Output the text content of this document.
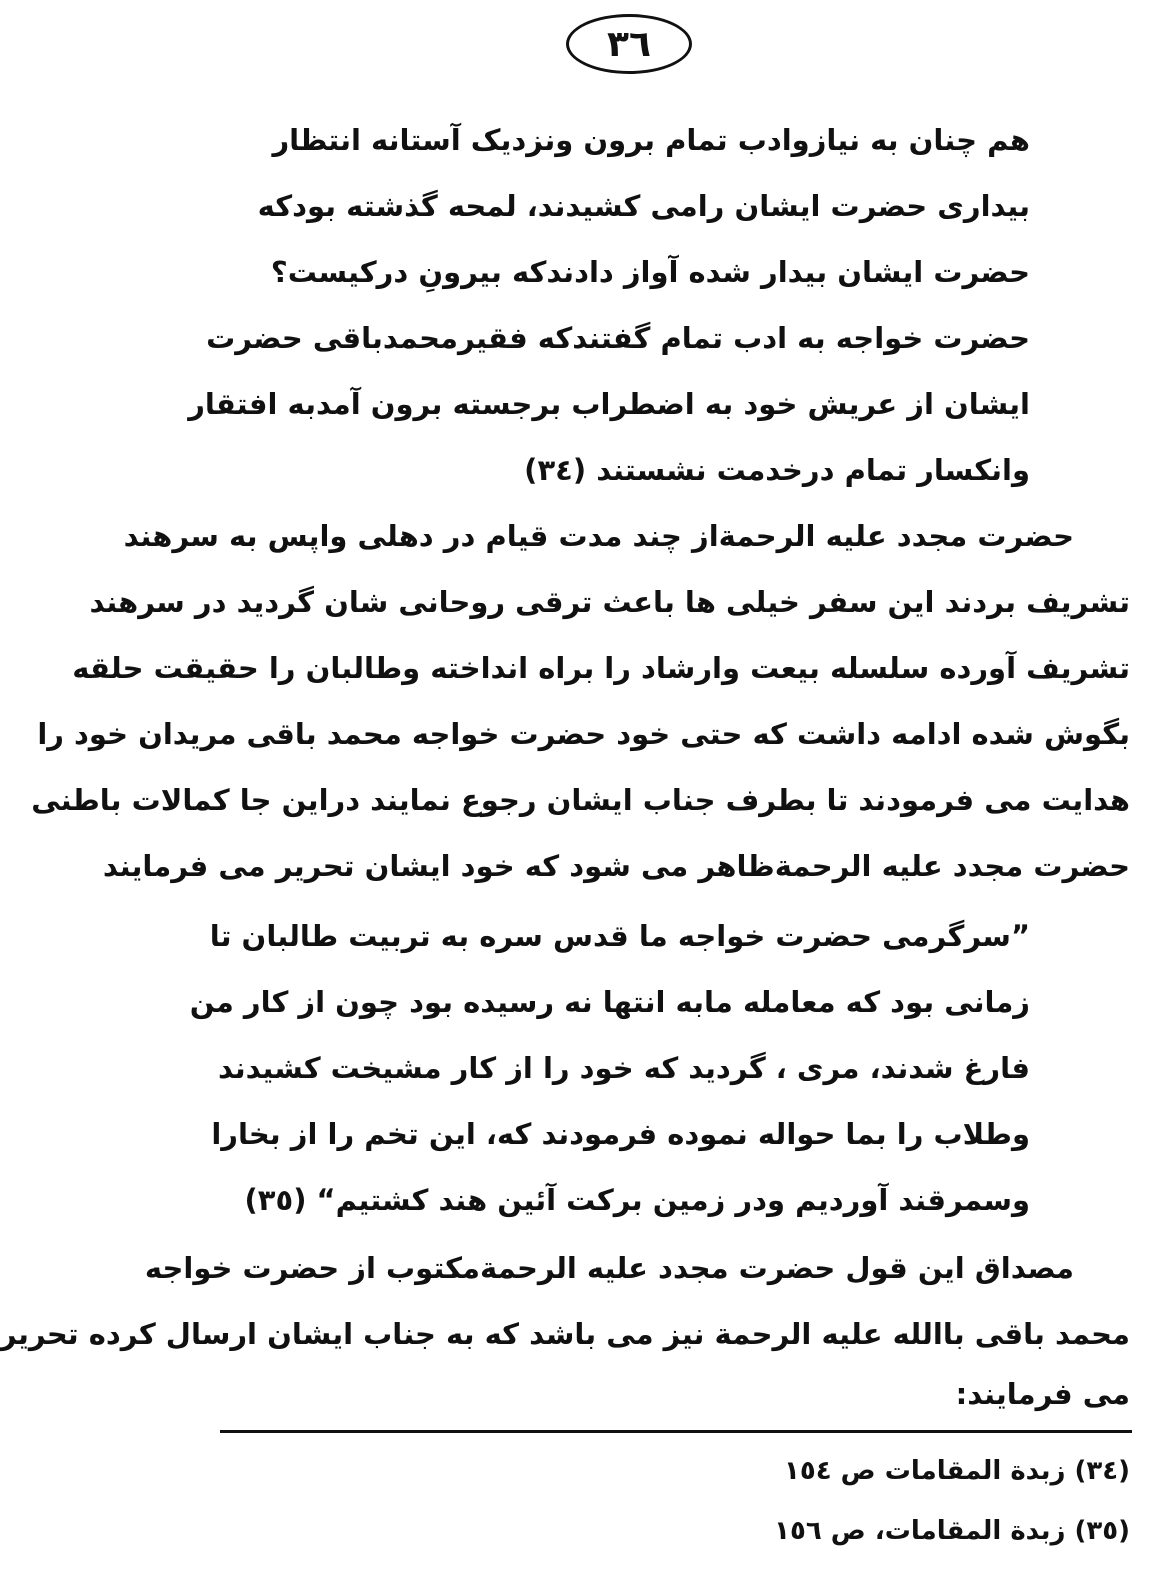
۳٦
هم چنان به نیازوادب تمام برون ونزدیک آستانه انتظار
بیداری حضرت ایشان رامی کشیدند، لمحه گذشته بودکه
حضرت ایشان بیدار شده آواز دادندکه بیرونِ درکیست؟
حضرت خواجه به ادب تمام گفتندکه فقیرمحمدباقی حضرت
ایشان از عریش خود به اضطراب برجسته برون آمدبه افتقار
وانکسار تمام درخدمت نشستند (٣٤)
حضرت مجدد علیه الرحمةاز چند مدت قیام در دهلی واپس به سرهند
تشریف بردند این سفر خیلی ها باعث ترقی روحانی شان گردید در سرهند
تشریف آورده سلسله بیعت وارشاد را براه انداخته وطالبان را حقیقت حلقه
بگوش شده ادامه داشت که حتی خود حضرت خواجه محمد باقی مریدان خود را
هدایت می فرمودند تا بطرف جناب ایشان رجوع نمایند دراین جا کمالات باطنی
حضرت مجدد علیه الرحمةظاهر می شود که خود ایشان تحریر می فرمایند
”سرگرمی حضرت خواجه ما قدس سره به تربیت طالبان تا
زمانی بود که معامله مابه انتها نه رسیده بود چون از کار من
فارغ شدند، مرى ، گردید که خود را از کار مشیخت کشیدند
وطلاب را بما حواله نموده فرمودند که، این تخم را از بخارا
وسمرقند آوردیم ودر زمین برکت آئین هند کشتیم“ (٣٥)
مصداق این قول حضرت مجدد علیه الرحمةمکتوب از حضرت خواجه
محمد باقی باالله علیه الرحمة نیز می باشد که به جناب ایشان ارسال کرده تحریر
می فرمایند:
(٣٤) زبدة المقامات ص ١٥٤
(٣٥) زبدة المقامات، ص ١٥٦
